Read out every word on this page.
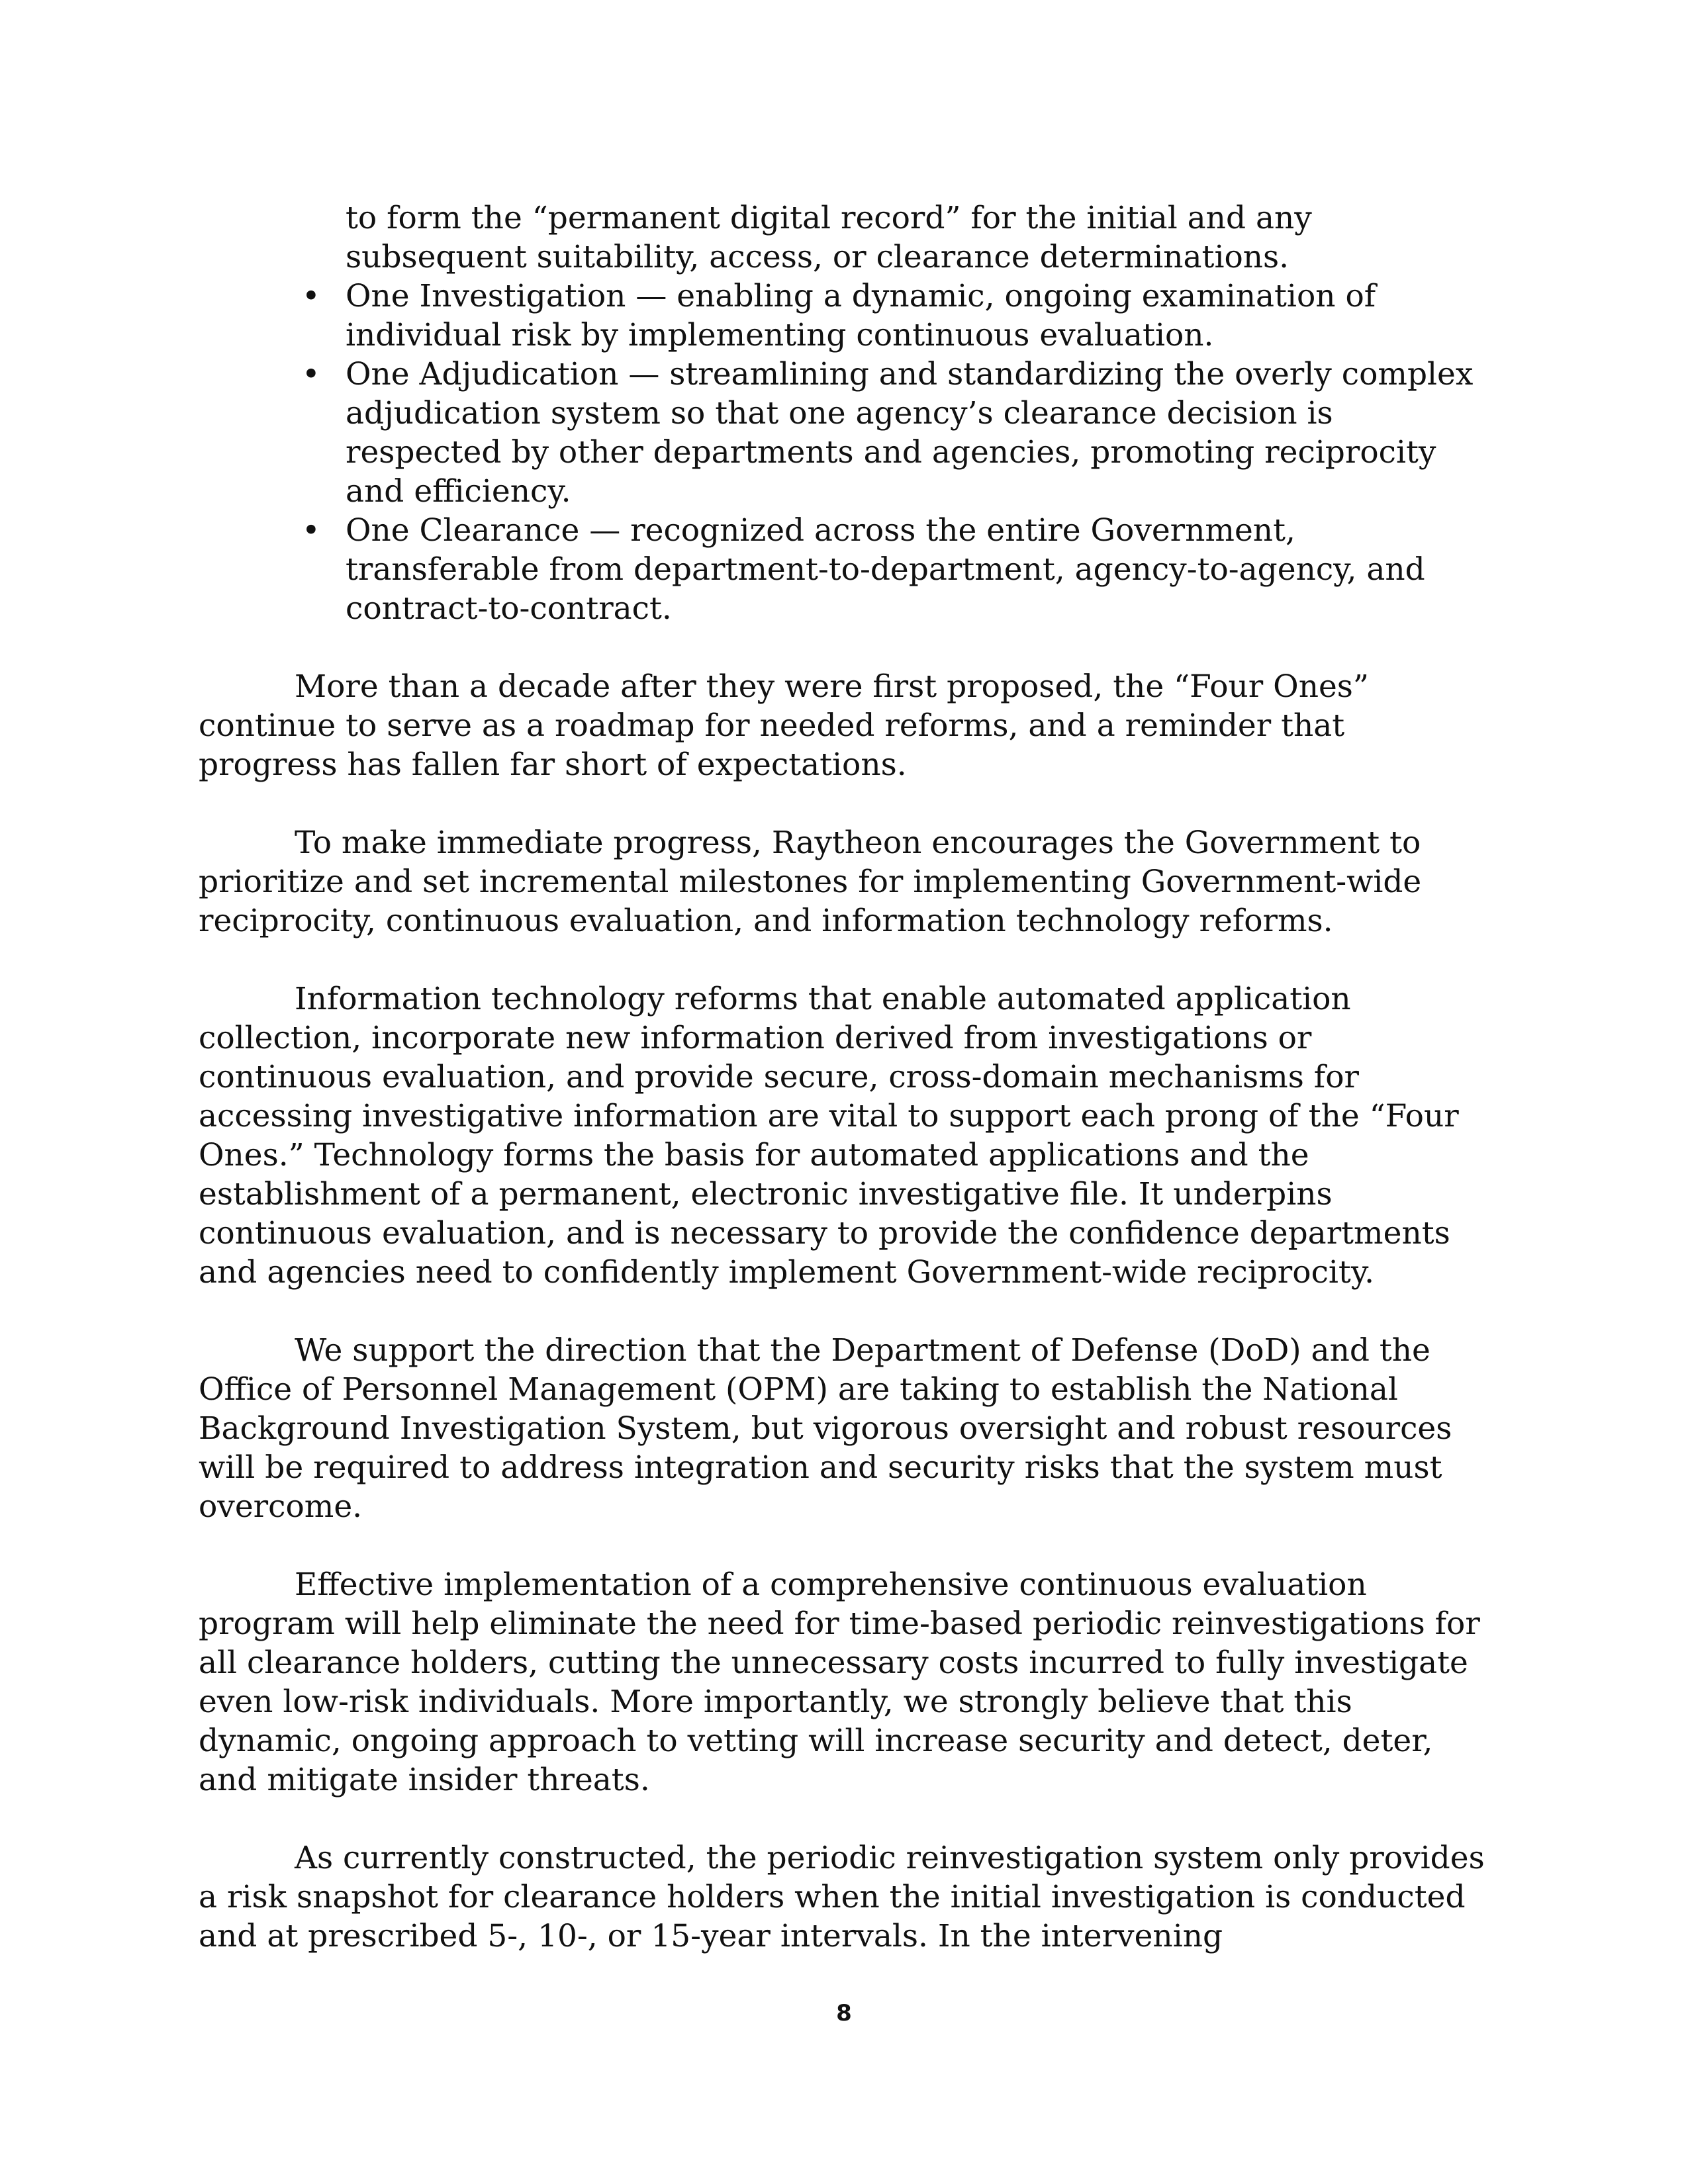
to form the “permanent digital record” for the initial and any subsequent suitability, access, or clearance determinations.
• One Investigation — enabling a dynamic, ongoing examination of individual risk by implementing continuous evaluation.
• One Adjudication — streamlining and standardizing the overly complex adjudication system so that one agency’s clearance decision is respected by other departments and agencies, promoting reciprocity and efficiency.
• One Clearance — recognized across the entire Government, transferable from department-to-department, agency-to-agency, and contract-to-contract.

More than a decade after they were first proposed, the “Four Ones” continue to serve as a roadmap for needed reforms, and a reminder that progress has fallen far short of expectations.

To make immediate progress, Raytheon encourages the Government to prioritize and set incremental milestones for implementing Government-wide reciprocity, continuous evaluation, and information technology reforms.

Information technology reforms that enable automated application collection, incorporate new information derived from investigations or continuous evaluation, and provide secure, cross-domain mechanisms for accessing investigative information are vital to support each prong of the “Four Ones.” Technology forms the basis for automated applications and the establishment of a permanent, electronic investigative file. It underpins continuous evaluation, and is necessary to provide the confidence departments and agencies need to confidently implement Government-wide reciprocity.

We support the direction that the Department of Defense (DoD) and the Office of Personnel Management (OPM) are taking to establish the National Background Investigation System, but vigorous oversight and robust resources will be required to address integration and security risks that the system must overcome.

Effective implementation of a comprehensive continuous evaluation program will help eliminate the need for time-based periodic reinvestigations for all clearance holders, cutting the unnecessary costs incurred to fully investigate even low-risk individuals. More importantly, we strongly believe that this dynamic, ongoing approach to vetting will increase security and detect, deter, and mitigate insider threats.

As currently constructed, the periodic reinvestigation system only provides a risk snapshot for clearance holders when the initial investigation is conducted and at prescribed 5-, 10-, or 15-year intervals. In the intervening

8
